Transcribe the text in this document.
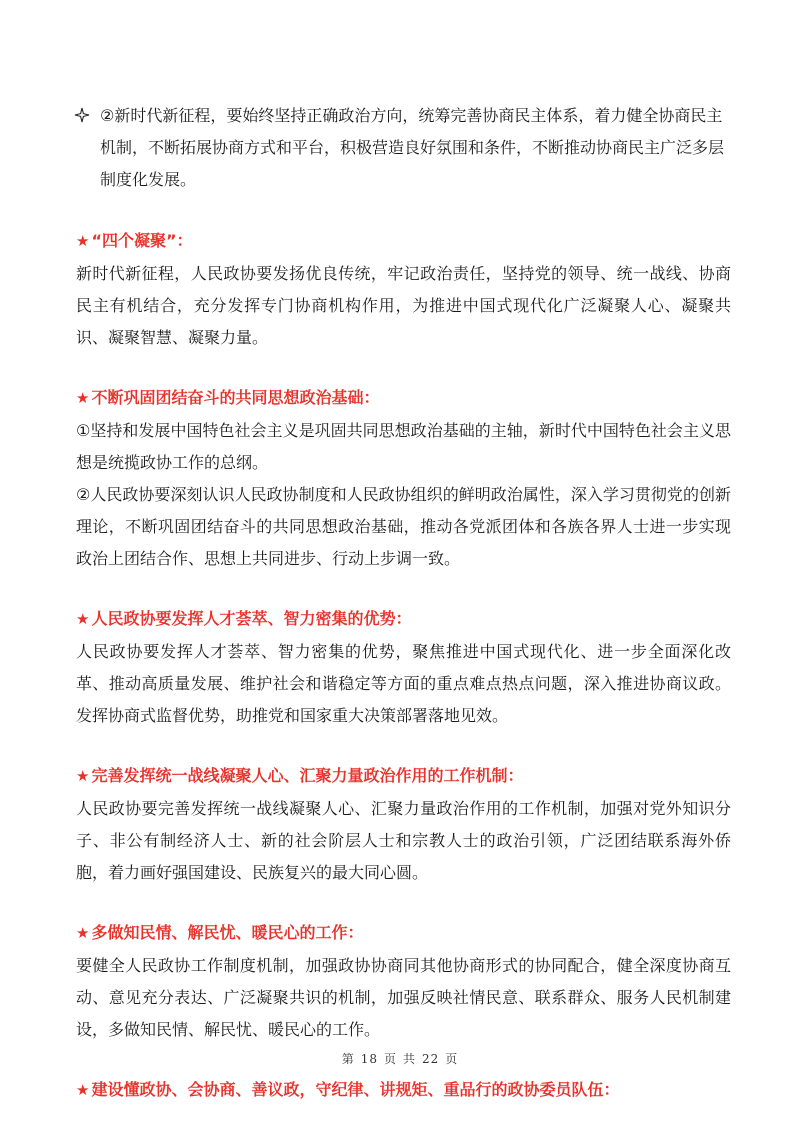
②新时代新征程，要始终坚持正确政治方向，统筹完善协商民主体系，着力健全协商民主机制，不断拓展协商方式和平台，积极营造良好氛围和条件，不断推动协商民主广泛多层制度化发展。
★ “四个凝聚”：
新时代新征程，人民政协要发扬优良传统，牢记政治责任，坚持党的领导、统一战线、协商民主有机结合，充分发挥专门协商机构作用，为推进中国式现代化广泛凝聚人心、凝聚共识、凝聚智慧、凝聚力量。
★ 不断巩固团结奋斗的共同思想政治基础：
①坚持和发展中国特色社会主义是巩固共同思想政治基础的主轴，新时代中国特色社会主义思想是统揽政协工作的总纲。
②人民政协要深刻认识人民政协制度和人民政协组织的鲜明政治属性，深入学习贯彻党的创新理论，不断巩固团结奋斗的共同思想政治基础，推动各党派团体和各族各界人士进一步实现政治上团结合作、思想上共同进步、行动上步调一致。
★ 人民政协要发挥人才荟萃、智力密集的优势：
人民政协要发挥人才荟萃、智力密集的优势，聚焦推进中国式现代化、进一步全面深化改革、推动高质量发展、维护社会和谐稳定等方面的重点难点热点问题，深入推进协商议政。发挥协商式监督优势，助推党和国家重大决策部署落地见效。
★ 完善发挥统一战线凝聚人心、汇聚力量政治作用的工作机制：
人民政协要完善发挥统一战线凝聚人心、汇聚力量政治作用的工作机制，加强对党外知识分子、非公有制经济人士、新的社会阶层人士和宗教人士的政治引领，广泛团结联系海外侨胞，着力画好强国建设、民族复兴的最大同心圆。
★ 多做知民情、解民忧、暖民心的工作：
要健全人民政协工作制度机制，加强政协协商同其他协商形式的协同配合，健全深度协商互动、意见充分表达、广泛凝聚共识的机制，加强反映社情民意、联系群众、服务人民机制建设，多做知民情、解民忧、暖民心的工作。
★ 建设懂政协、会协商、善议政，守纪律、讲规矩、重品行的政协委员队伍：
第 18 页 共 22 页
